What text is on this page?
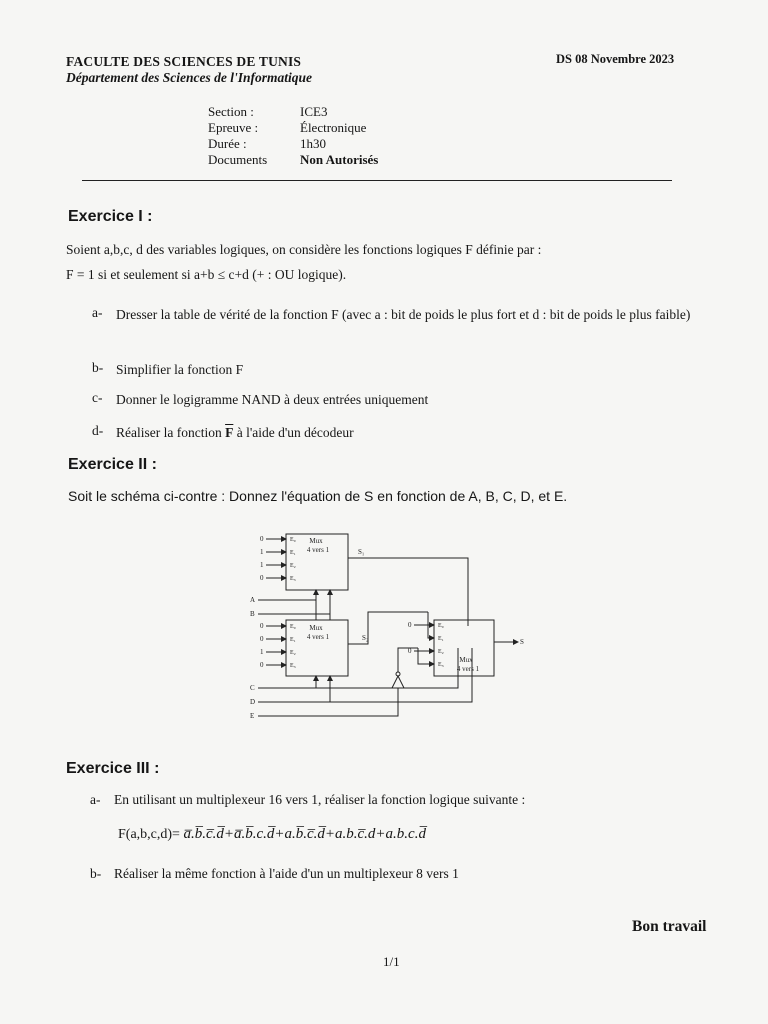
FACULTE DES SCIENCES DE TUNIS
Département des Sciences de l'Informatique
DS 08 Novembre 2023
Section :	ICE3
Epreuve :	Électronique
Durée :	1h30
Documents	Non Autorisés
Exercice I :
Soient a,b,c, d des variables logiques, on considère les fonctions logiques F définie par :
F = 1 si et seulement si a+b ≤ c+d (+ : OU logique).
a-	Dresser la table de vérité de la fonction F (avec a : bit de poids le plus fort et d : bit de poids le plus faible)
b- Simplifier la fonction F
c-	Donner le logigramme NAND à deux entrées uniquement
d- Réaliser la fonction $\overline{F}$ à l'aide d'un décodeur
Exercice II :
Soit le schéma ci-contre : Donnez l'équation de S en fonction de A, B, C, D, et E.
Mux
4 vers 1
0
1
1
0
E₀
E₁
E₂
E₃
S₁
A
B
Mux
4 vers 1
0
0
1
0
E₀
E₁
E₂
E₃
S₂
C
D
E
Mux
4 vers 1
0
0
E₀
E₁
E₂
E₃
S
Exercice III :
a-	En utilisant un multiplexeur 16 vers 1, réaliser la fonction logique suivante :
F(a,b,c,d)= a̅.b̅.c̅.d̅+a̅.b̅.c.d̅+a.b̅.c̅.d̅+a.b.c̅.d+a.b.c.d̅
b- Réaliser la même fonction à l'aide d'un un multiplexeur 8 vers 1
Bon travail
1/1
